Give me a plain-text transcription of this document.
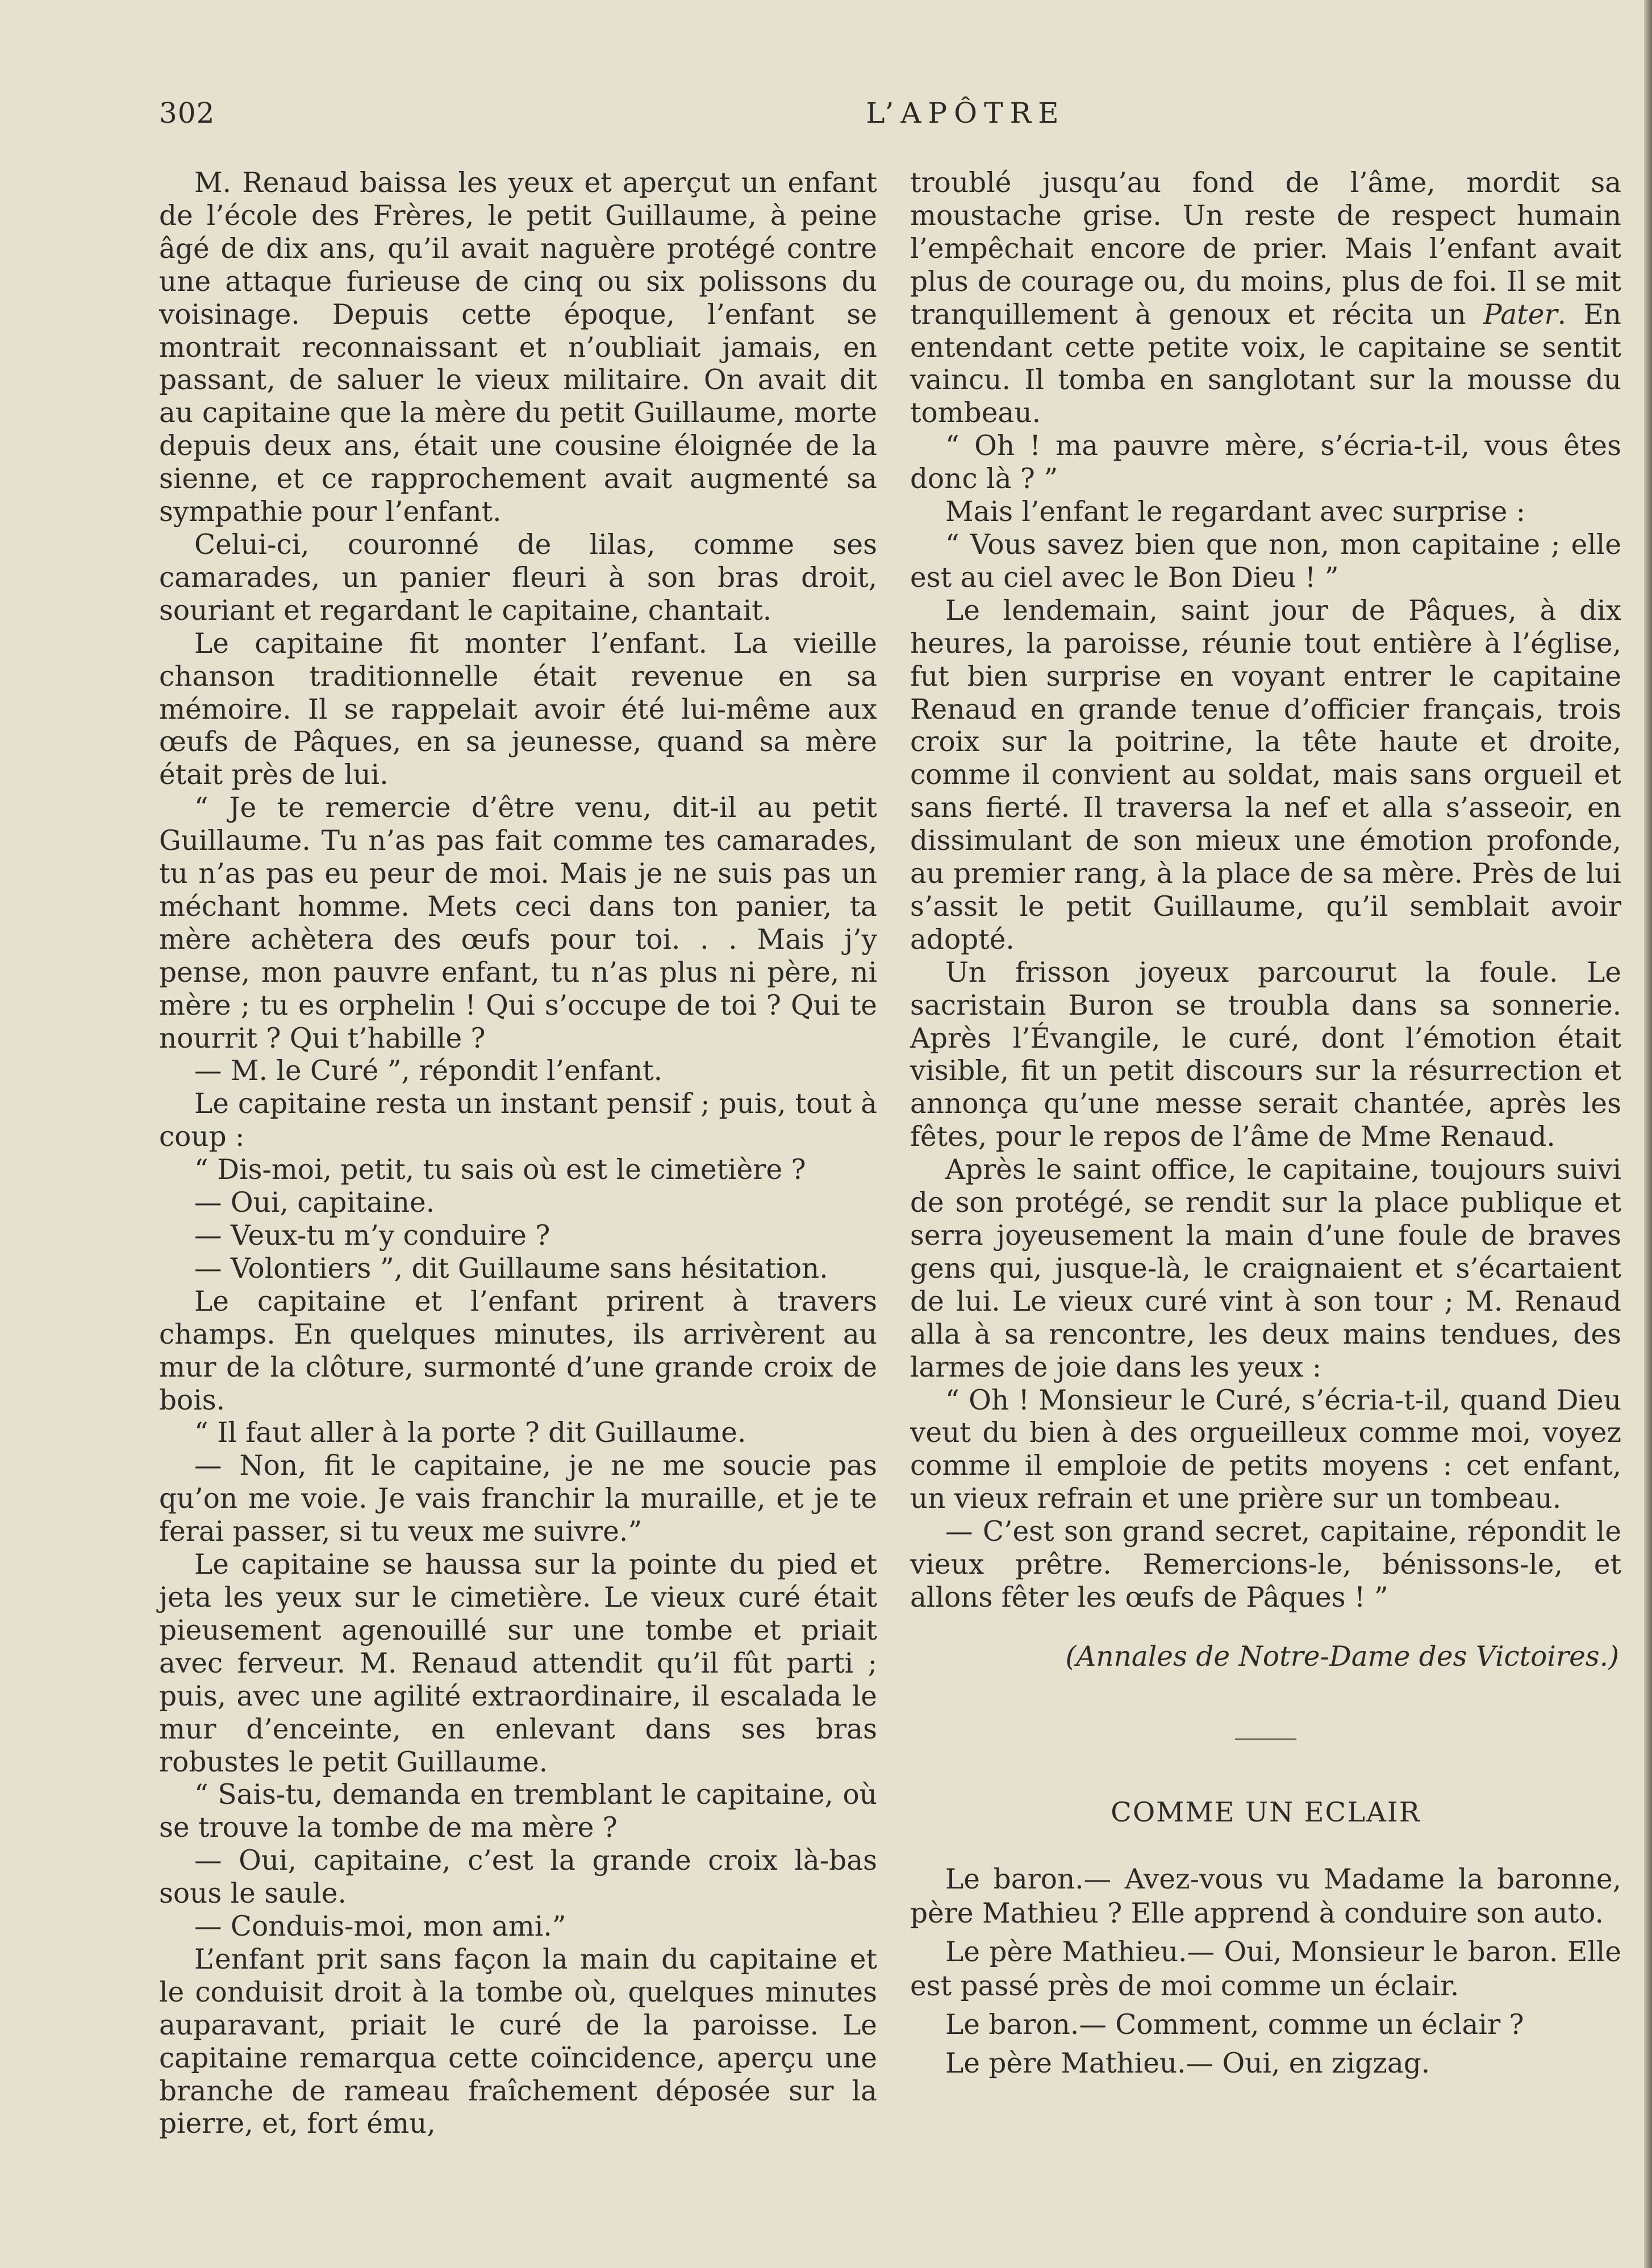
302	L’APÔTRE

M. Renaud baissa les yeux et aperçut un enfant de l’école des Frères, le petit Guillaume, à peine âgé de dix ans, qu’il avait naguère protégé contre une attaque furieuse de cinq ou six polissons du voisinage. Depuis cette époque, l’enfant se montrait reconnaissant et n’oubliait jamais, en passant, de saluer le vieux militaire. On avait dit au capitaine que la mère du petit Guillaume, morte depuis deux ans, était une cousine éloignée de la sienne, et ce rapprochement avait augmenté sa sympathie pour l’enfant.

Celui-ci, couronné de lilas, comme ses camarades, un panier fleuri à son bras droit, souriant et regardant le capitaine, chantait.

Le capitaine fit monter l’enfant. La vieille chanson traditionnelle était revenue en sa mémoire. Il se rappelait avoir été lui-même aux œufs de Pâques, en sa jeunesse, quand sa mère était près de lui.

“ Je te remercie d’être venu, dit-il au petit Guillaume. Tu n’as pas fait comme tes camarades, tu n’as pas eu peur de moi. Mais je ne suis pas un méchant homme. Mets ceci dans ton panier, ta mère achètera des œufs pour toi. . . Mais j’y pense, mon pauvre enfant, tu n’as plus ni père, ni mère ; tu es orphelin ! Qui s’occupe de toi ? Qui te nourrit ? Qui t’habille ?

— M. le Curé ”, répondit l’enfant.

Le capitaine resta un instant pensif ; puis, tout à coup :

“ Dis-moi, petit, tu sais où est le cimetière ?

— Oui, capitaine.

— Veux-tu m’y conduire ?

— Volontiers ”, dit Guillaume sans hésitation.

Le capitaine et l’enfant prirent à travers champs. En quelques minutes, ils arrivèrent au mur de la clôture, surmonté d’une grande croix de bois.

“ Il faut aller à la porte ? dit Guillaume.

— Non, fit le capitaine, je ne me soucie pas qu’on me voie. Je vais franchir la muraille, et je te ferai passer, si tu veux me suivre.”

Le capitaine se haussa sur la pointe du pied et jeta les yeux sur le cimetière. Le vieux curé était pieusement agenouillé sur une tombe et priait avec ferveur. M. Renaud attendit qu’il fût parti ; puis, avec une agilité extraordinaire, il escalada le mur d’enceinte, en enlevant dans ses bras robustes le petit Guillaume.

“ Sais-tu, demanda en tremblant le capitaine, où se trouve la tombe de ma mère ?

— Oui, capitaine, c’est la grande croix là-bas sous le saule.

— Conduis-moi, mon ami.”

L’enfant prit sans façon la main du capitaine et le conduisit droit à la tombe où, quelques minutes auparavant, priait le curé de la paroisse. Le capitaine remarqua cette coïncidence, aperçu une branche de rameau fraîchement déposée sur la pierre, et, fort ému,

troublé jusqu’au fond de l’âme, mordit sa moustache grise. Un reste de respect humain l’empêchait encore de prier. Mais l’enfant avait plus de courage ou, du moins, plus de foi. Il se mit tranquillement à genoux et récita un Pater. En entendant cette petite voix, le capitaine se sentit vaincu. Il tomba en sanglotant sur la mousse du tombeau.

“ Oh ! ma pauvre mère, s’écria-t-il, vous êtes donc là ? ”

Mais l’enfant le regardant avec surprise :

“ Vous savez bien que non, mon capitaine ; elle est au ciel avec le Bon Dieu ! ”

Le lendemain, saint jour de Pâques, à dix heures, la paroisse, réunie tout entière à l’église, fut bien surprise en voyant entrer le capitaine Renaud en grande tenue d’officier français, trois croix sur la poitrine, la tête haute et droite, comme il convient au soldat, mais sans orgueil et sans fierté. Il traversa la nef et alla s’asseoir, en dissimulant de son mieux une émotion profonde, au premier rang, à la place de sa mère. Près de lui s’assit le petit Guillaume, qu’il semblait avoir adopté.

Un frisson joyeux parcourut la foule. Le sacristain Buron se troubla dans sa sonnerie. Après l’Évangile, le curé, dont l’émotion était visible, fit un petit discours sur la résurrection et annonça qu’une messe serait chantée, après les fêtes, pour le repos de l’âme de Mme Renaud.

Après le saint office, le capitaine, toujours suivi de son protégé, se rendit sur la place publique et serra joyeusement la main d’une foule de braves gens qui, jusque-là, le craignaient et s’écartaient de lui. Le vieux curé vint à son tour ; M. Renaud alla à sa rencontre, les deux mains tendues, des larmes de joie dans les yeux :

“ Oh ! Monsieur le Curé, s’écria-t-il, quand Dieu veut du bien à des orgueilleux comme moi, voyez comme il emploie de petits moyens : cet enfant, un vieux refrain et une prière sur un tombeau.

— C’est son grand secret, capitaine, répondit le vieux prêtre. Remercions-le, bénissons-le, et allons fêter les œufs de Pâques ! ”

(Annales de Notre-Dame des Victoires.)

COMME UN ECLAIR

Le baron.— Avez-vous vu Madame la baronne, père Mathieu ? Elle apprend à conduire son auto.

Le père Mathieu.— Oui, Monsieur le baron. Elle est passé près de moi comme un éclair.

Le baron.— Comment, comme un éclair ?

Le père Mathieu.— Oui, en zigzag.
